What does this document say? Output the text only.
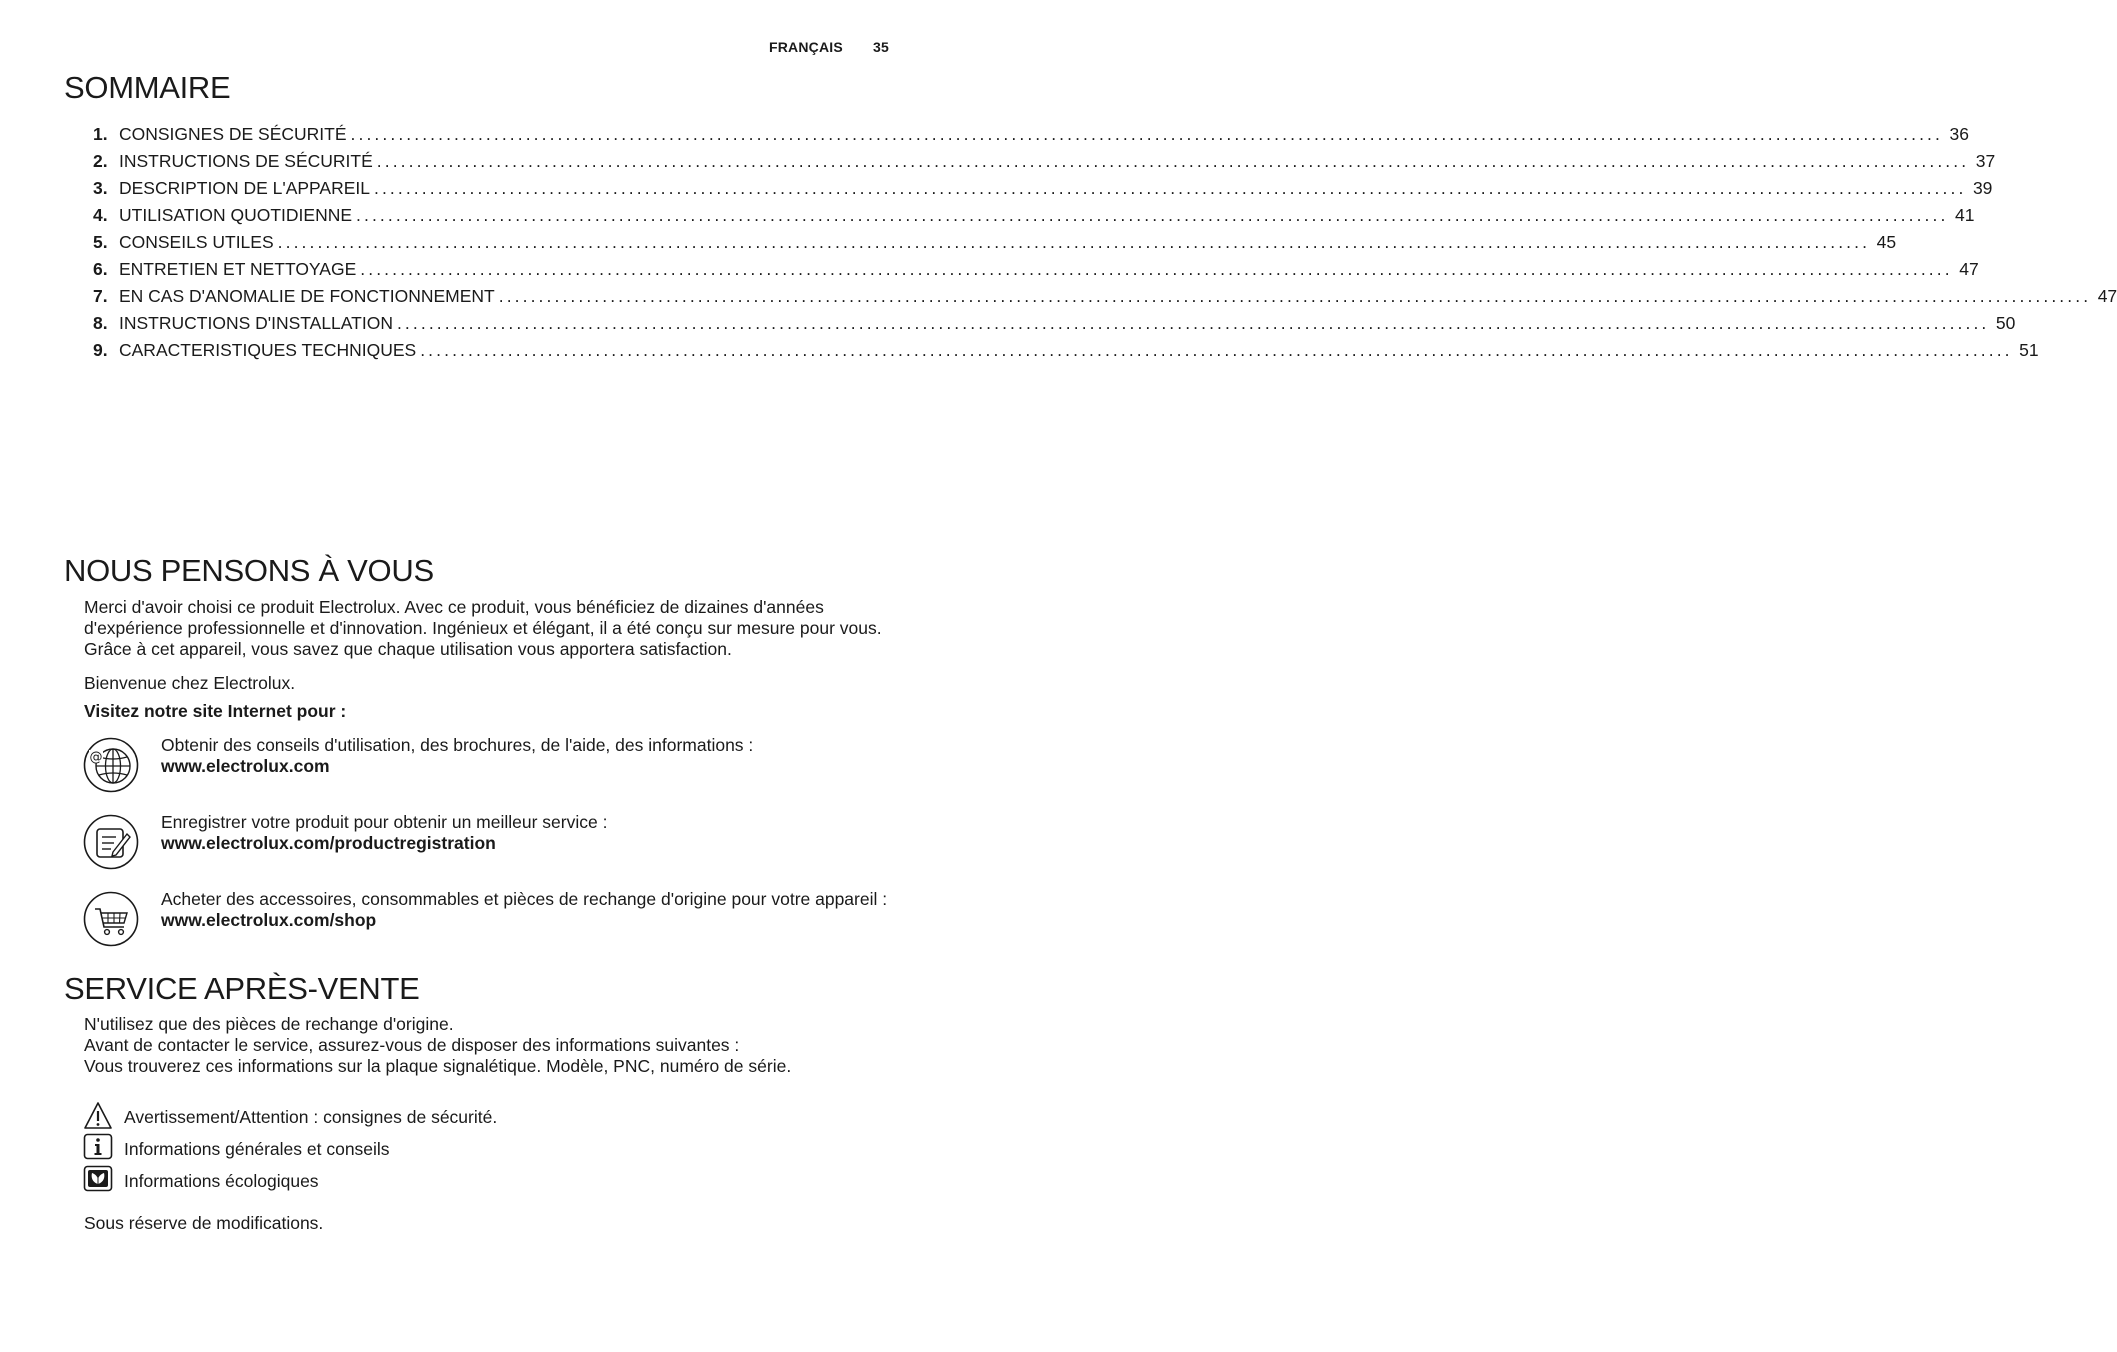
FRANÇAIS 35
SOMMAIRE
1. CONSIGNES DE SÉCURITÉ ........................................................................................................................................................................................................ 36
2. INSTRUCTIONS DE SÉCURITÉ ........................................................................................................................................................................................................ 37
3. DESCRIPTION DE L'APPAREIL ........................................................................................................................................................................................................ 39
4. UTILISATION QUOTIDIENNE ........................................................................................................................................................................................................ 41
5. CONSEILS UTILES ........................................................................................................................................................................................................ 45
6. ENTRETIEN ET NETTOYAGE ........................................................................................................................................................................................................ 47
7. EN CAS D'ANOMALIE DE FONCTIONNEMENT ........................................................................................................................................................................................................ 47
8. INSTRUCTIONS D'INSTALLATION ........................................................................................................................................................................................................ 50
9. CARACTERISTIQUES TECHNIQUES ........................................................................................................................................................................................................ 51
NOUS PENSONS À VOUS

Merci d'avoir choisi ce produit Electrolux. Avec ce produit, vous bénéficiez de dizaines d'années d'expérience professionnelle et d'innovation. Ingénieux et élégant, il a été conçu sur mesure pour vous. Grâce à cet appareil, vous savez que chaque utilisation vous apportera satisfaction.

Bienvenue chez Electrolux.

Visitez notre site Internet pour :

@
Obtenir des conseils d'utilisation, des brochures, de l'aide, des informations :
www.electrolux.com
Enregistrer votre produit pour obtenir un meilleur service :
www.electrolux.com/productregistration
Acheter des accessoires, consommables et pièces de rechange d'origine pour votre appareil :
www.electrolux.com/shop
SERVICE APRÈS-VENTE
N'utilisez que des pièces de rechange d'origine.
Avant de contacter le service, assurez-vous de disposer des informations suivantes :
Vous trouverez ces informations sur la plaque signalétique. Modèle, PNC, numéro de série.
Avertissement/Attention : consignes de sécurité.
Informations générales et conseils
Informations écologiques

Sous réserve de modifications.
